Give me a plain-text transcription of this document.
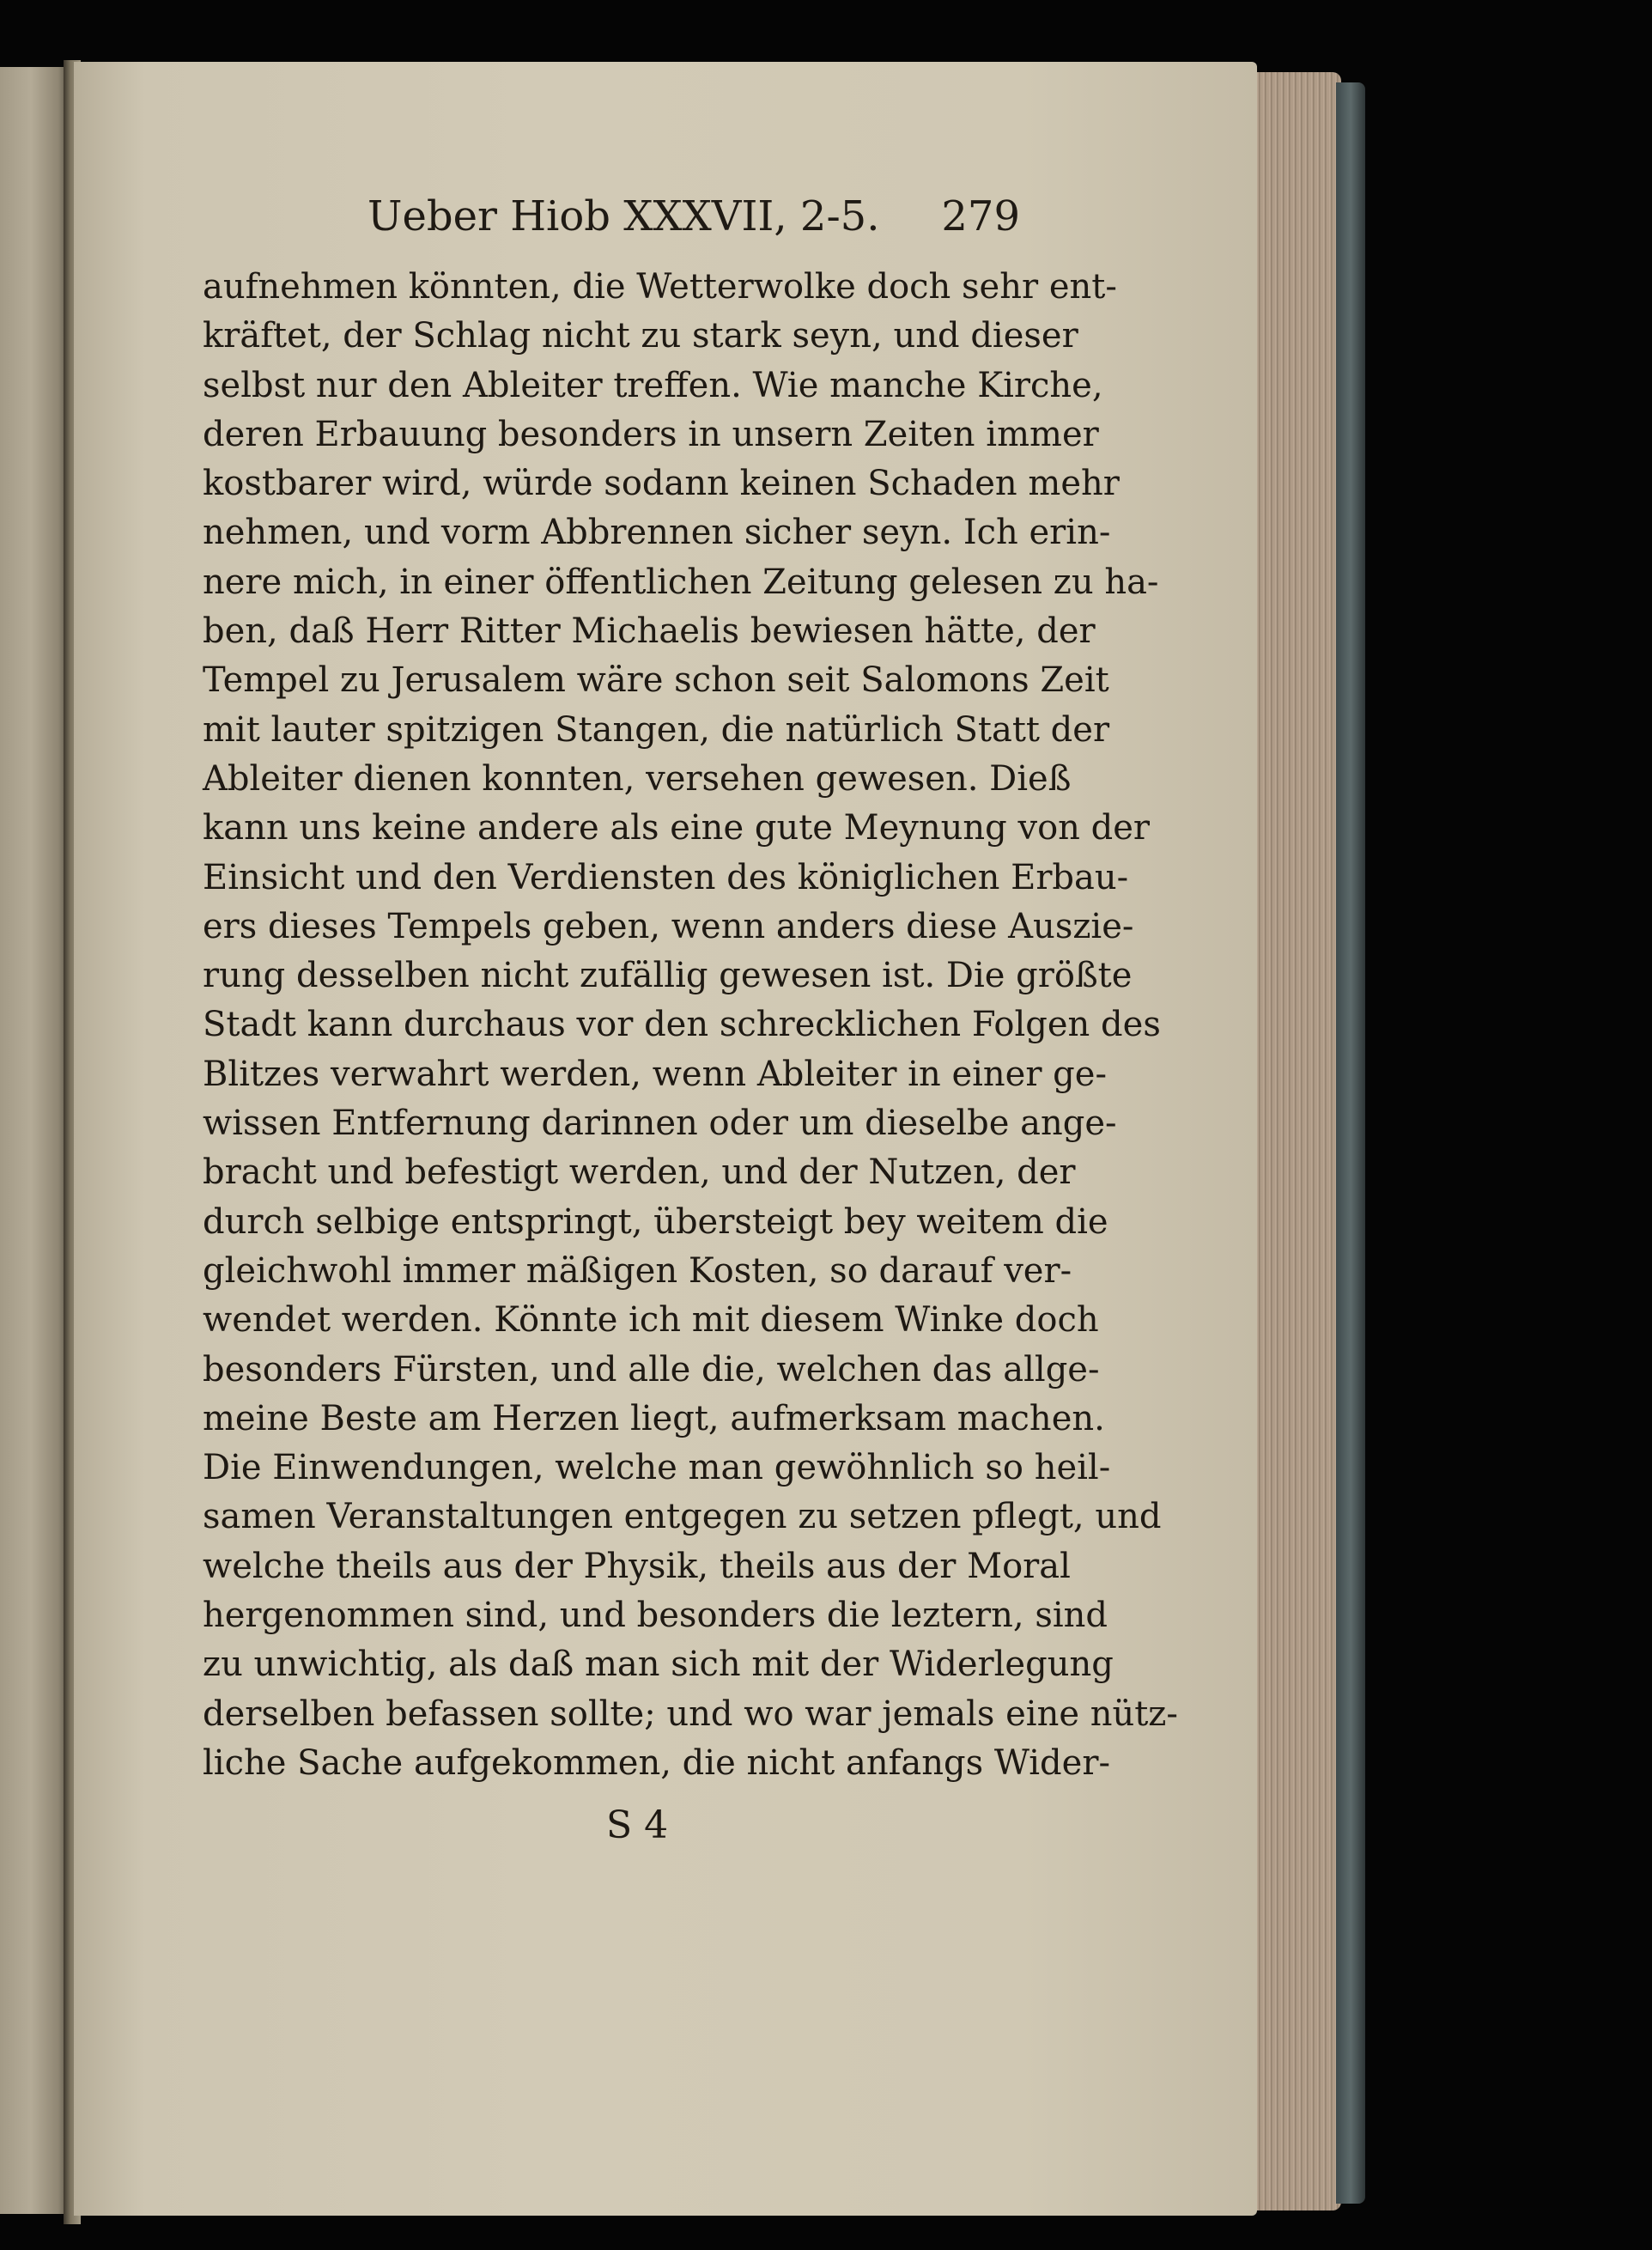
Ueber Hiob XXXVII, 2-5. 279
aufnehmen könnten, die Wetterwolke doch sehr ent-
kräftet, der Schlag nicht zu stark seyn, und dieser
selbst nur den Ableiter treffen. Wie manche Kirche,
deren Erbauung besonders in unsern Zeiten immer
kostbarer wird, würde sodann keinen Schaden mehr
nehmen, und vorm Abbrennen sicher seyn. Ich erin-
nere mich, in einer öffentlichen Zeitung gelesen zu ha-
ben, daß Herr Ritter Michaelis bewiesen hätte, der
Tempel zu Jerusalem wäre schon seit Salomons Zeit
mit lauter spitzigen Stangen, die natürlich Statt der
Ableiter dienen konnten, versehen gewesen. Dieß
kann uns keine andere als eine gute Meynung von der
Einsicht und den Verdiensten des königlichen Erbau-
ers dieses Tempels geben, wenn anders diese Auszie-
rung desselben nicht zufällig gewesen ist. Die größte
Stadt kann durchaus vor den schrecklichen Folgen des
Blitzes verwahrt werden, wenn Ableiter in einer ge-
wissen Entfernung darinnen oder um dieselbe ange-
bracht und befestigt werden, und der Nutzen, der
durch selbige entspringt, übersteigt bey weitem die
gleichwohl immer mäßigen Kosten, so darauf ver-
wendet werden. Könnte ich mit diesem Winke doch
besonders Fürsten, und alle die, welchen das allge-
meine Beste am Herzen liegt, aufmerksam machen.
Die Einwendungen, welche man gewöhnlich so heil-
samen Veranstaltungen entgegen zu setzen pflegt, und
welche theils aus der Physik, theils aus der Moral
hergenommen sind, und besonders die leztern, sind
zu unwichtig, als daß man sich mit der Widerlegung
derselben befassen sollte; und wo war jemals eine nütz-
liche Sache aufgekommen, die nicht anfangs Wider-
S 4
